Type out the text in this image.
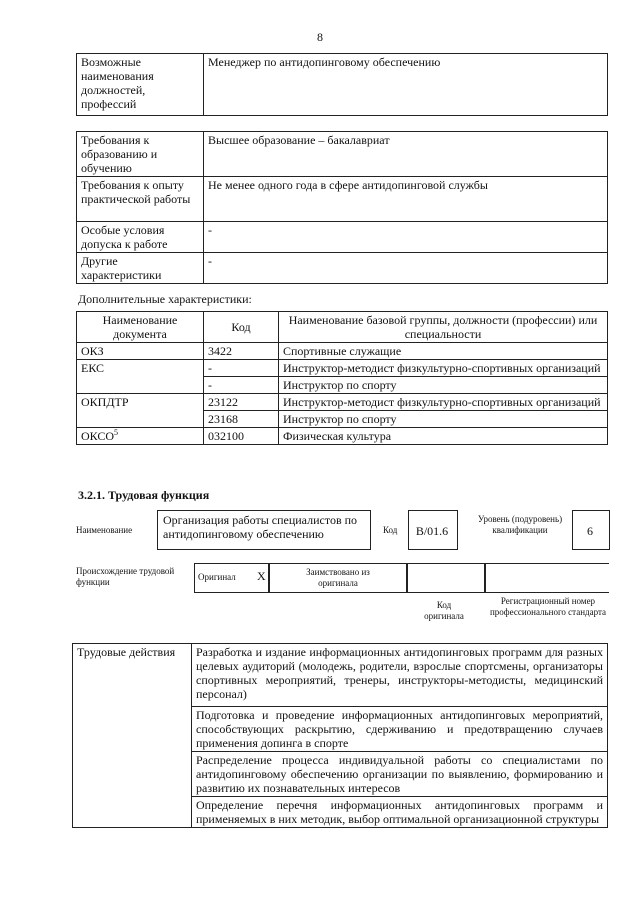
8
Возможные наименования должностей, профессий	Менеджер по антидопинговому обеспечению
Требования к образованию и обучению	Высшее образование – бакалавриат
Требования к опыту практической работы	Не менее одного года в сфере антидопинговой службы
Особые условия допуска к работе	-
Другие характеристики	-
Дополнительные характеристики:
Наименование документа	Код	Наименование базовой группы, должности (профессии) или специальности
ОКЗ	3422	Спортивные служащие
ЕКС	-	Инструктор-методист физкультурно-спортивных организаций
	-	Инструктор по спорту
ОКПДТР	23122	Инструктор-методист физкультурно-спортивных организаций
	23168	Инструктор по спорту
ОКСО$^5$	032100	Физическая культура
3.2.1. Трудовая функция
Наименование
Организация работы специалистов по антидопинговому обеспечению	Код	B/01.6
Уровень (подуровень) квалификации	6
Происхождение трудовой функции	Оригинал X	Заимствовано из оригинала
Код оригинала
Регистрационный номер профессионального стандарта
Трудовые действия	Разработка и издание информационных антидопинговых программ для разных целевых аудиторий (молодежь, родители, взрослые спортсмены, организаторы спортивных мероприятий, тренеры, инструкторы-методисты, медицинский персонал)
Подготовка и проведение информационных антидопинговых мероприятий, способствующих раскрытию, сдерживанию и предотвращению случаев применения допинга в спорте
Распределение процесса индивидуальной работы со специалистами по антидопинговому обеспечению организации по выявлению, формированию и развитию их познавательных интересов
Определение перечня информационных антидопинговых программ и применяемых в них методик, выбор оптимальной организационной структуры
